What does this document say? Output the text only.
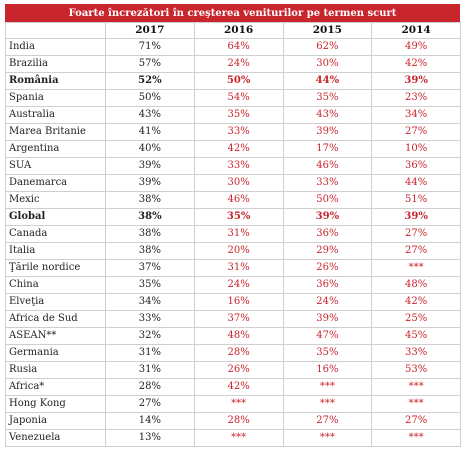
Foarte încrezători în creşterea veniturilor pe termen scurt
	2017	2016	2015	2014
India	71%	64%	62%	49%
Brazilia	57%	24%	30%	42%
România	52%	50%	44%	39%
Spania	50%	54%	35%	23%
Australia	43%	35%	43%	34%
Marea Britanie	41%	33%	39%	27%
Argentina	40%	42%	17%	10%
SUA	39%	33%	46%	36%
Danemarca	39%	30%	33%	44%
Mexic	38%	46%	50%	51%
Global	38%	35%	39%	39%
Canada	38%	31%	36%	27%
Italia	38%	20%	29%	27%
Ţările nordice	37%	31%	26%	***
China	35%	24%	36%	48%
Elveţia	34%	16%	24%	42%
Africa de Sud	33%	37%	39%	25%
ASEAN**	32%	48%	47%	45%
Germania	31%	28%	35%	33%
Rusia	31%	26%	16%	53%
Africa*	28%	42%	***	***
Hong Kong	27%	***	***	***
Japonia	14%	28%	27%	27%
Venezuela	13%	***	***	***
